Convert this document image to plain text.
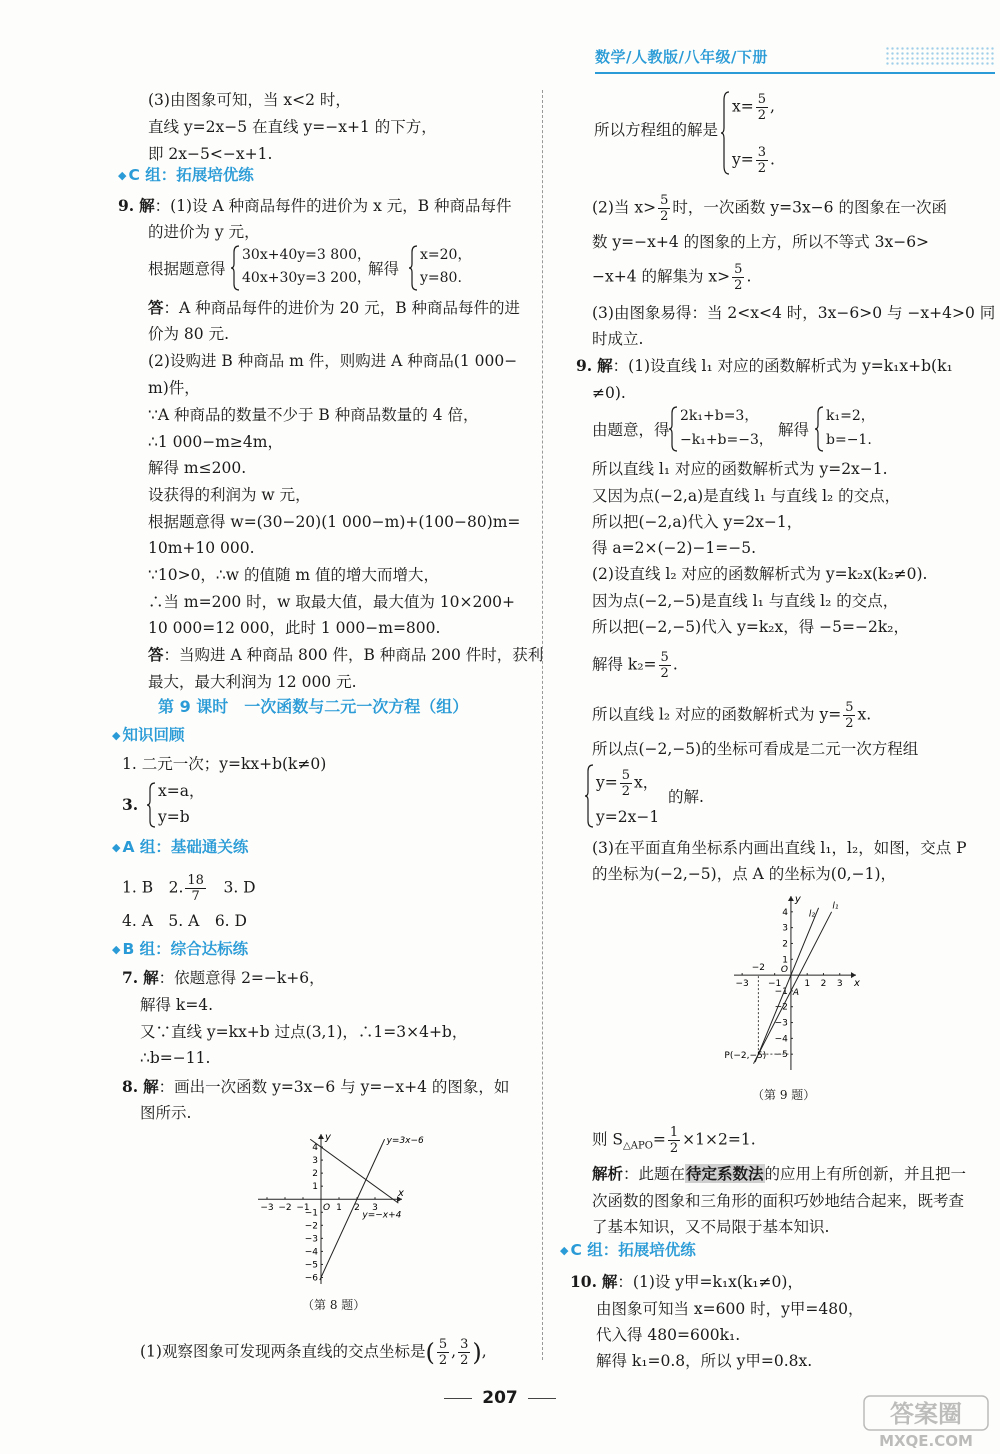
数学/人教版/八年级/下册
(3)由图象可知，当 x<2 时，
直线 y=2x−5 在直线 y=−x+1 的下方，
即 2x−5<−x+1.
◆ C 组：拓展培优练
9. 解：(1)设 A 种商品每件的进价为 x 元，B 种商品每件
的进价为 y 元，
根据题意得
30x+40y=3 800，
40x+30y=3 200，
解得
x=20，
y=80.
答：A 种商品每件的进价为 20 元，B 种商品每件的进
价为 80 元.
(2)设购进 B 种商品 m 件，则购进 A 种商品(1 000−
m)件，
∵A 种商品的数量不少于 B 种商品数量的 4 倍，
∴1 000−m≥4m，
解得 m≤200.
设获得的利润为 w 元，
根据题意得 w=(30−20)(1 000−m)+(100−80)m=
10m+10 000.
∵10>0，∴w 的值随 m 值的增大而增大，
∴当 m=200 时，w 取最大值，最大值为 10×200+
10 000=12 000，此时 1 000−m=800.
答：当购进 A 种商品 800 件，B 种商品 200 件时，获利
最大，最大利润为 12 000 元.
第 9 课时　一次函数与二元一次方程（组）
◆ 知识回顾
1. 二元一次；y=kx+b(k≠0)
3.
x=a，
y=b
◆ A 组：基础通关练
1. B　2. $\frac{18}{7}$ 　3. D
4. A　5. A　6. D
◆ B 组：综合达标练
7. 解：依题意得 2=−k+6，
解得 k=4.
又∵直线 y=kx+b 过点(3,1)，∴1=3×4+b，
∴b=−11.
8. 解：画出一次函数 y=3x−6 与 y=−x+4 的图象，如
图所示.
x
y
O
−3 −2 −1	1 2 3
4
3
2
1
−1
−2
−3
−4
−5
−6
y=3x−6
y=−x+4
（第 8 题）
(1)观察图象可发现两条直线的交点坐标是( $\frac{5}{2}$ , $\frac{3}{2}$ ),
所以方程组的解是
$x= \frac{5}{2}$ ,
$y= \frac{3}{2}$ .
(2)当 $x> \frac{5}{2}$ 时，一次函数 y=3x−6 的图象在一次函
数 y=−x+4 的图象的上方，所以不等式 3x−6>
−x+4 的解集为 $x> \frac{5}{2}$ .
(3)由图象易得：当 2<x<4 时，3x−6>0 与 −x+4>0 同
时成立.
9. 解：(1)设直线 l₁ 对应的函数解析式为 y=k₁x+b(k₁
≠0).
由题意，得
2k₁+b=3，
−k₁+b=−3，
解得
k₁=2，
b=−1.
所以直线 l₁ 对应的函数解析式为 y=2x−1.
又因为点(−2,a)是直线 l₁ 与直线 l₂ 的交点，
所以把(−2,a)代入 y=2x−1，
得 a=2×(−2)−1=−5.
(2)设直线 l₂ 对应的函数解析式为 y=k₂x(k₂≠0).
因为点(−2,−5)是直线 l₁ 与直线 l₂ 的交点，
所以把(−2,−5)代入 y=k₂x，得 −5=−2k₂，
解得 $k_2= \frac{5}{2}$ .
所以直线 l₂ 对应的函数解析式为 $y= \frac{5}{2} x$.
所以点(−2,−5)的坐标可看成是二元一次方程组
$y= \frac{5}{2}$ x，
y=2x−1
的解.
(3)在平面直角坐标系内画出直线 l₁，l₂，如图，交点 P
的坐标为(−2,−5)，点 A 的坐标为(0,−1)，
x
y
O
−3 −1	1 2 3
−2
4
3
2
1
−1
−2
−3
−4
−5
l₁
l₂
A
P(−2,−5)
（第 9 题）
则 $S_{\triangle APO}= \frac{1}{2} \times 1\times 2=1$.
解析：此题在待定系数法的应用上有所创新，并且把一
次函数的图象和三角形的面积巧妙地结合起来，既考查
了基本知识，又不局限于基本知识.
◆ C 组：拓展培优练
10. 解：(1)设 y甲=k₁x(k₁≠0)，
由图象可知当 x=600 时，y甲=480，
代入得 480=600k₁.
解得 k₁=0.8，所以 y甲=0.8x.
207
答案圈
MXQE.COM
